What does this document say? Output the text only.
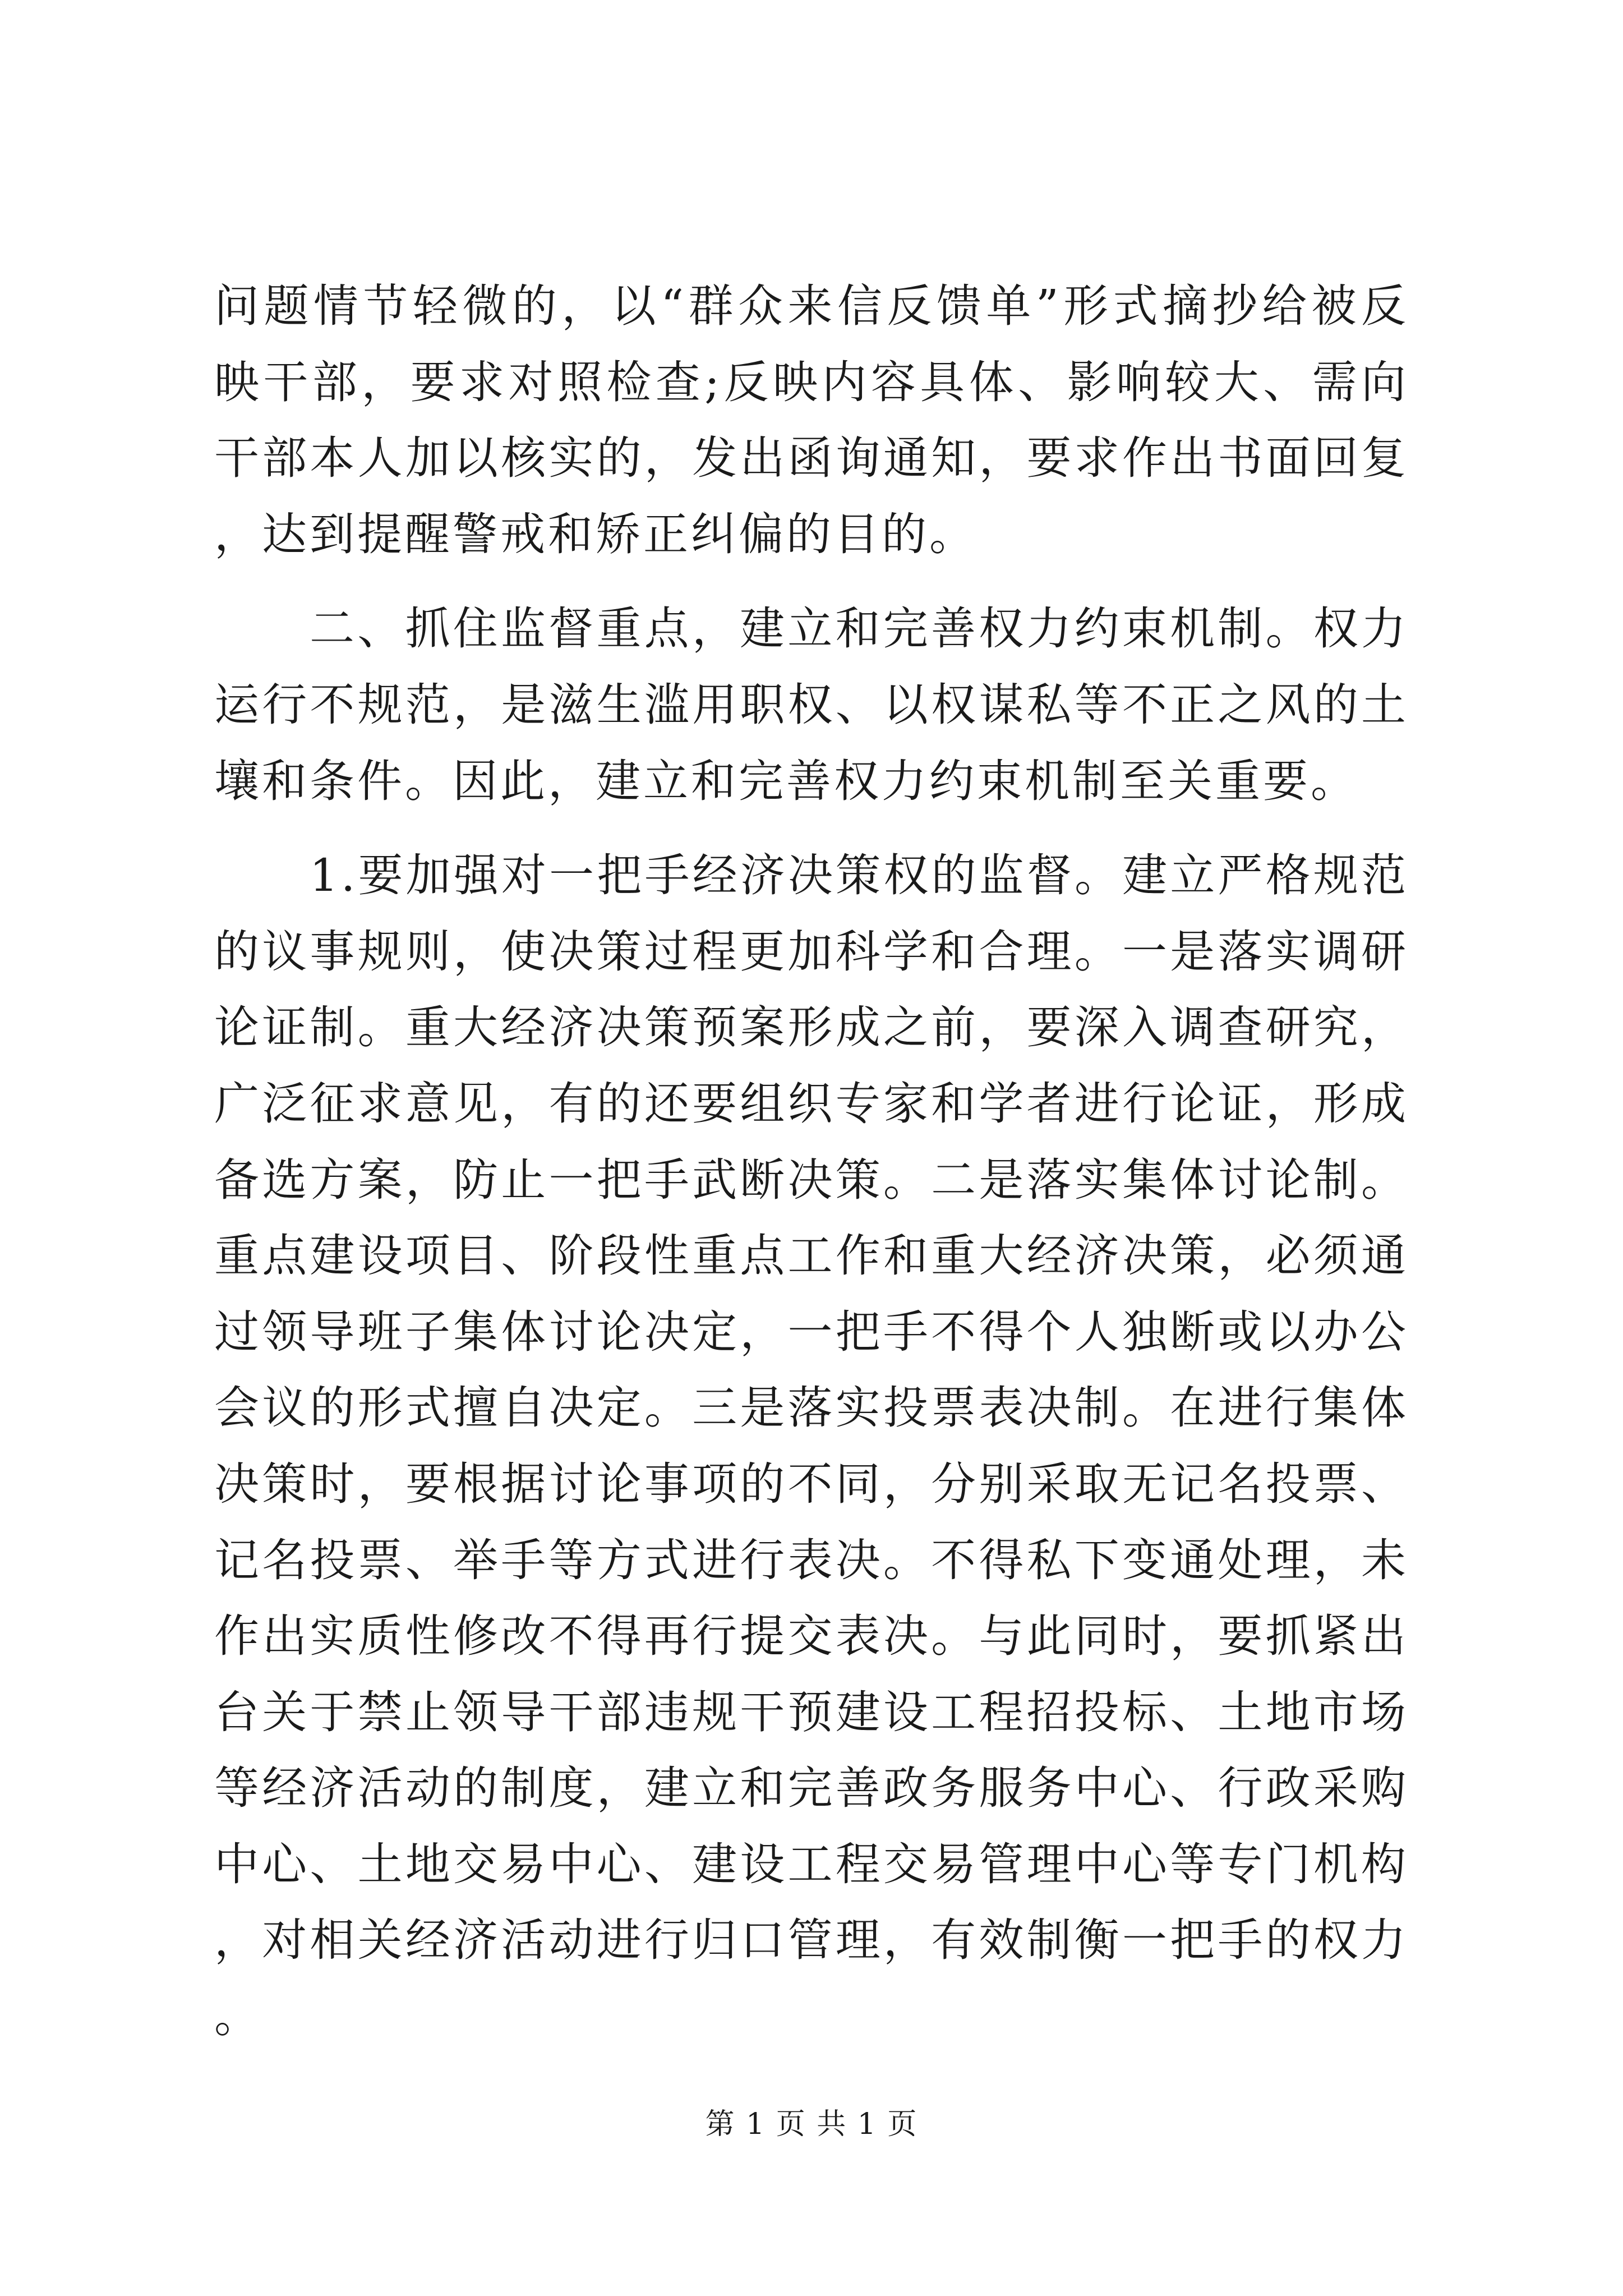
问题情节轻微的，以“群众来信反馈单”形式摘抄给被反映干部，要求对照检查;反映内容具体、影响较大、需向干部本人加以核实的，发出函询通知，要求作出书面回复，达到提醒警戒和矫正纠偏的目的。

二、抓住监督重点，建立和完善权力约束机制。权力运行不规范，是滋生滥用职权、以权谋私等不正之风的土壤和条件。因此，建立和完善权力约束机制至关重要。

1.要加强对一把手经济决策权的监督。建立严格规范的议事规则，使决策过程更加科学和合理。一是落实调研论证制。重大经济决策预案形成之前，要深入调查研究，广泛征求意见，有的还要组织专家和学者进行论证，形成备选方案，防止一把手武断决策。二是落实集体讨论制。重点建设项目、阶段性重点工作和重大经济决策，必须通过领导班子集体讨论决定，一把手不得个人独断或以办公会议的形式擅自决定。三是落实投票表决制。在进行集体决策时，要根据讨论事项的不同，分别采取无记名投票、记名投票、举手等方式进行表决。不得私下变通处理，未作出实质性修改不得再行提交表决。与此同时，要抓紧出台关于禁止领导干部违规干预建设工程招投标、土地市场等经济活动的制度，建立和完善政务服务中心、行政采购中心、土地交易中心、建设工程交易管理中心等专门机构，对相关经济活动进行归口管理，有效制衡一把手的权力。

第 1 页 共 1 页
